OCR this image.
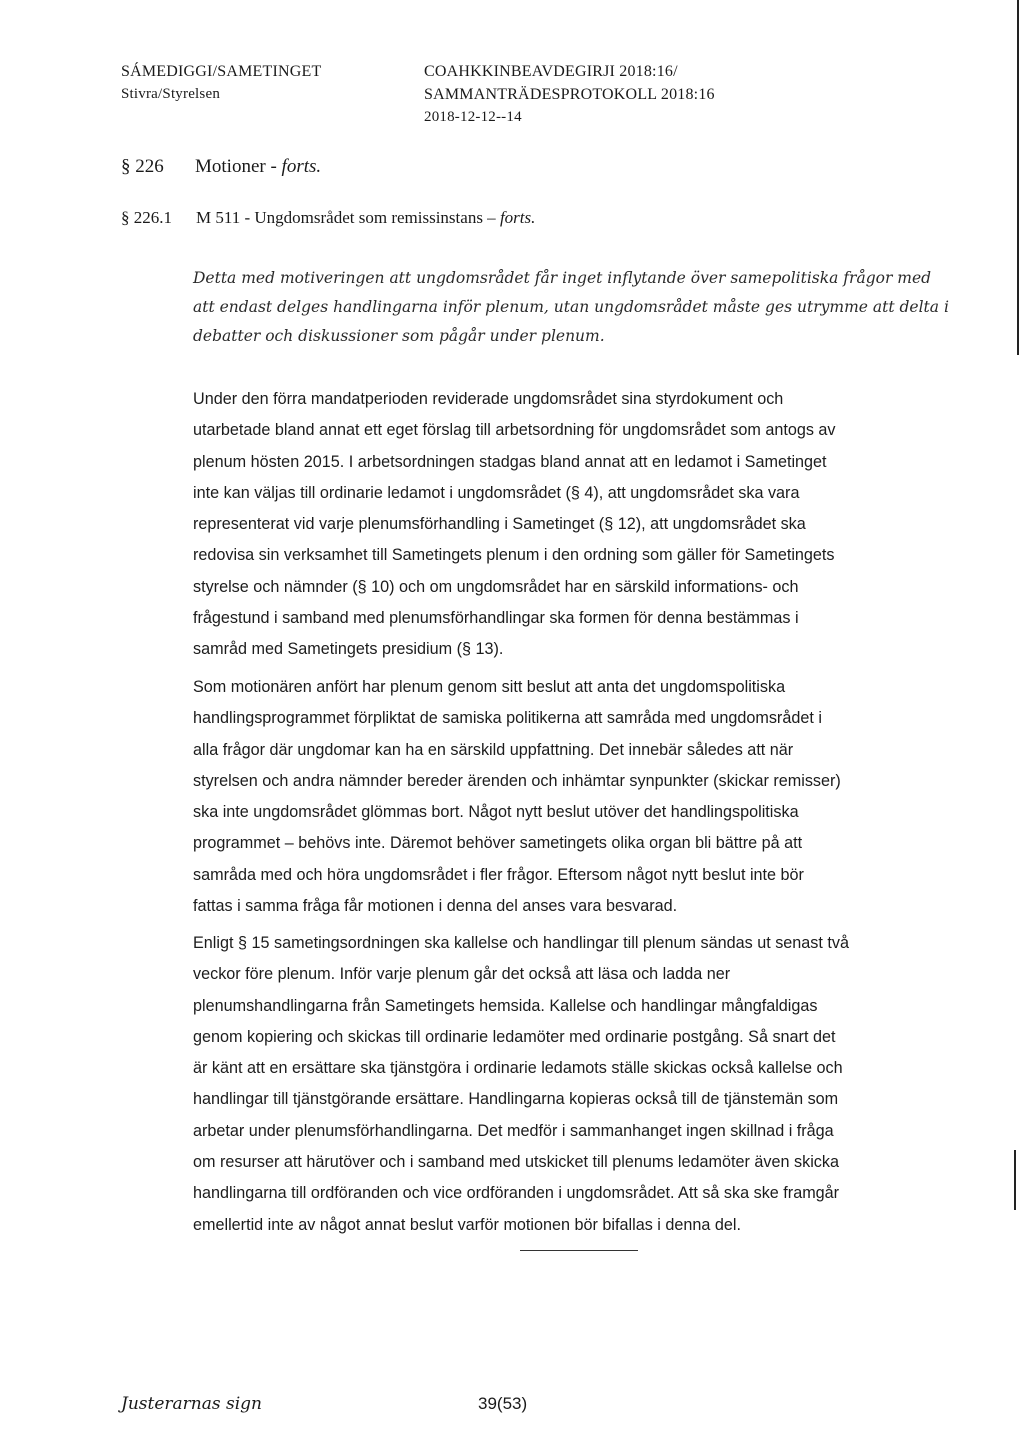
SÁMEDIGGI/SAMETINGET
Stivra/Styrelsen
COAHKKINBEAVDEGIRJI 2018:16/
SAMMANTRÄDESPROTOKOLL 2018:16
2018-12-12--14
§ 226 Motioner - forts.
§ 226.1 M 511 - Ungdomsrådet som remissinstans – forts.
Detta med motiveringen att ungdomsrådet får inget inflytande över samepolitiska frågor med
att endast delges handlingarna inför plenum, utan ungdomsrådet måste ges utrymme att delta i
debatter och diskussioner som pågår under plenum.
Under den förra mandatperioden reviderade ungdomsrådet sina styrdokument och
utarbetade bland annat ett eget förslag till arbetsordning för ungdomsrådet som antogs av
plenum hösten 2015. I arbetsordningen stadgas bland annat att en ledamot i Sametinget
inte kan väljas till ordinarie ledamot i ungdomsrådet (§ 4), att ungdomsrådet ska vara
representerat vid varje plenumsförhandling i Sametinget (§ 12), att ungdomsrådet ska
redovisa sin verksamhet till Sametingets plenum i den ordning som gäller för Sametingets
styrelse och nämnder (§ 10) och om ungdomsrådet har en särskild informations- och
frågestund i samband med plenumsförhandlingar ska formen för denna bestämmas i
samråd med Sametingets presidium (§ 13).
Som motionären anfört har plenum genom sitt beslut att anta det ungdomspolitiska
handlingsprogrammet förpliktat de samiska politikerna att samråda med ungdomsrådet i
alla frågor där ungdomar kan ha en särskild uppfattning. Det innebär således att när
styrelsen och andra nämnder bereder ärenden och inhämtar synpunkter (skickar remisser)
ska inte ungdomsrådet glömmas bort. Något nytt beslut utöver det handlingspolitiska
programmet – behövs inte. Däremot behöver sametingets olika organ bli bättre på att
samråda med och höra ungdomsrådet i fler frågor. Eftersom något nytt beslut inte bör
fattas i samma fråga får motionen i denna del anses vara besvarad.
Enligt § 15 sametingsordningen ska kallelse och handlingar till plenum sändas ut senast två
veckor före plenum. Inför varje plenum går det också att läsa och ladda ner
plenumshandlingarna från Sametingets hemsida. Kallelse och handlingar mångfaldigas
genom kopiering och skickas till ordinarie ledamöter med ordinarie postgång. Så snart det
är känt att en ersättare ska tjänstgöra i ordinarie ledamots ställe skickas också kallelse och
handlingar till tjänstgörande ersättare. Handlingarna kopieras också till de tjänstemän som
arbetar under plenumsförhandlingarna. Det medför i sammanhanget ingen skillnad i fråga
om resurser att härutöver och i samband med utskicket till plenums ledamöter även skicka
handlingarna till ordföranden och vice ordföranden i ungdomsrådet. Att så ska ske framgår
emellertid inte av något annat beslut varför motionen bör bifallas i denna del.
Justerarnas sign	39(53)
